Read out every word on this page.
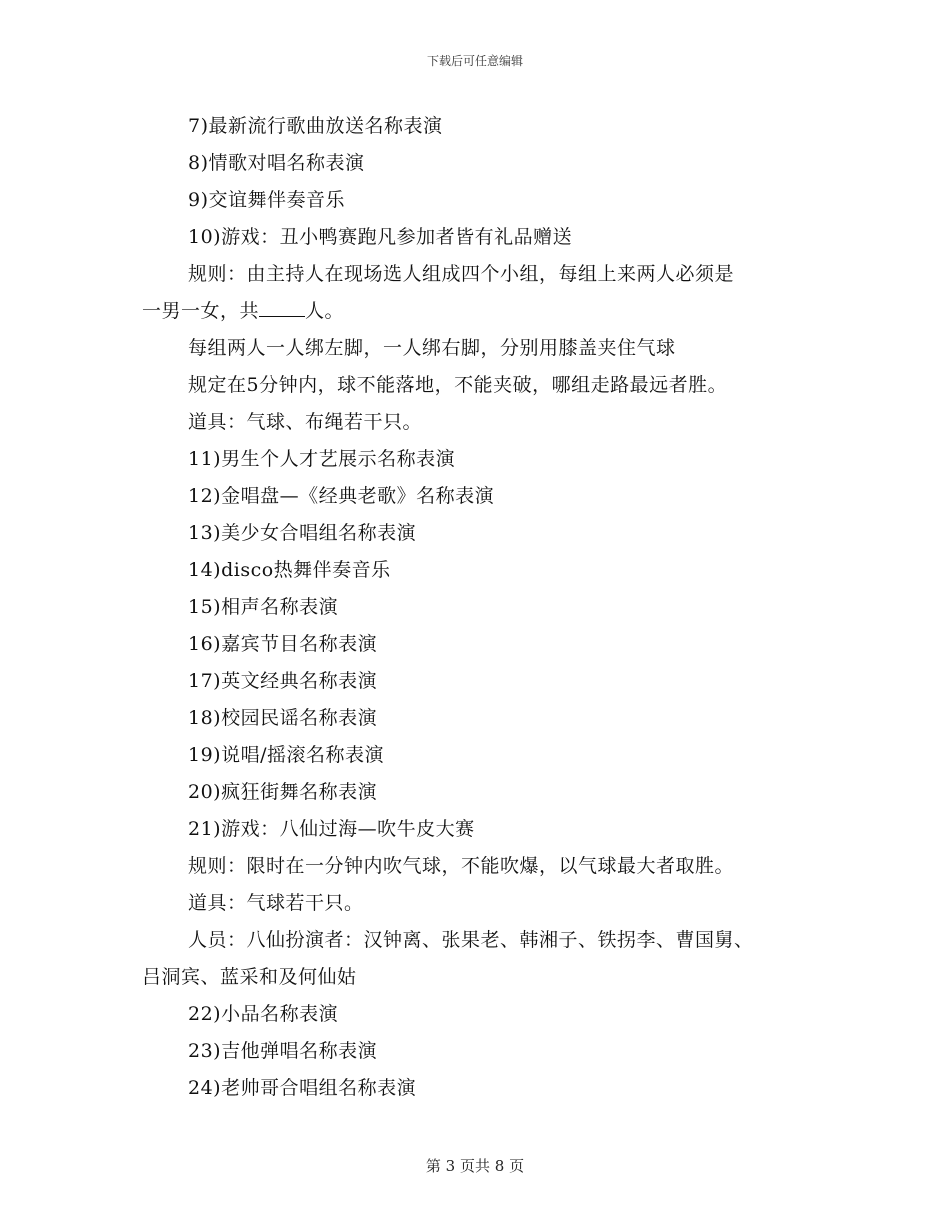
下载后可任意编辑
7)最新流行歌曲放送名称表演
8)情歌对唱名称表演
9)交谊舞伴奏音乐
10)游戏：丑小鸭赛跑凡参加者皆有礼品赠送
规则：由主持人在现场选人组成四个小组，每组上来两人必须是
一男一女，共 人。
每组两人一人绑左脚，一人绑右脚，分别用膝盖夹住气球
规定在5分钟内，球不能落地，不能夹破，哪组走路最远者胜。
道具：气球、布绳若干只。
11)男生个人才艺展示名称表演
12)金唱盘—《经典老歌》名称表演
13)美少女合唱组名称表演
14)disco热舞伴奏音乐
15)相声名称表演
16)嘉宾节目名称表演
17)英文经典名称表演
18)校园民谣名称表演
19)说唱/摇滚名称表演
20)疯狂街舞名称表演
21)游戏：八仙过海—吹牛皮大赛
规则：限时在一分钟内吹气球，不能吹爆，以气球最大者取胜。
道具：气球若干只。
人员：八仙扮演者：汉钟离、张果老、韩湘子、铁拐李、曹国舅、
吕洞宾、蓝采和及何仙姑
22)小品名称表演
23)吉他弹唱名称表演
24)老帅哥合唱组名称表演
第 3 页共 8 页
